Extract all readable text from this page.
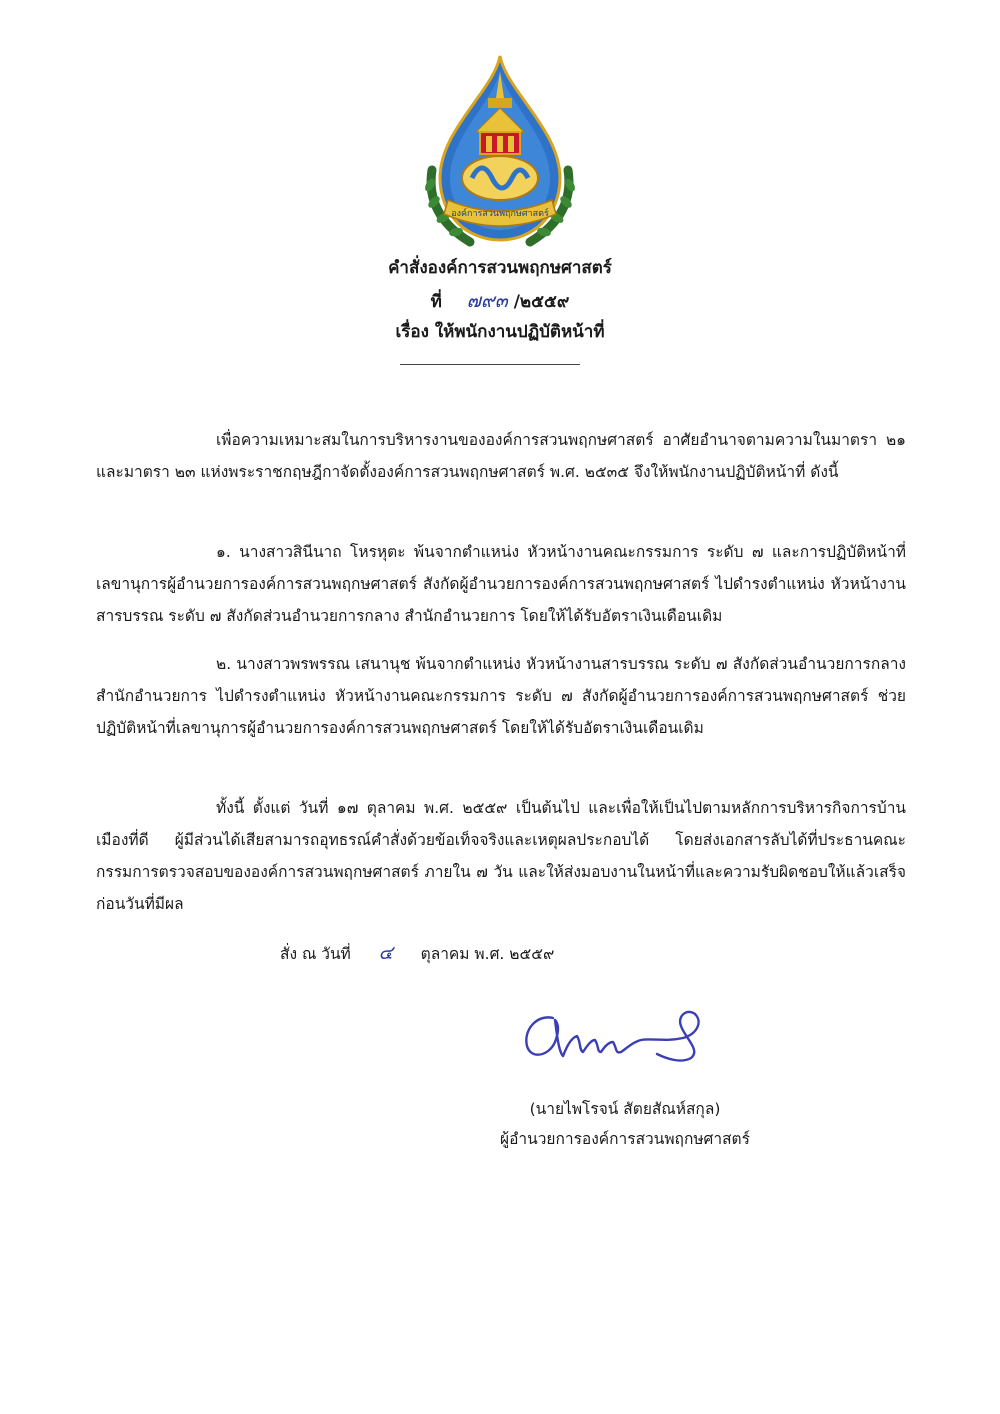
องค์การสวนพฤกษศาสตร์
คำสั่งองค์การสวนพฤกษศาสตร์
ที่ ๗๙๓ /๒๕๕๙
เรื่อง ให้พนักงานปฏิบัติหน้าที่

เพื่อความเหมาะสมในการบริหารงานขององค์การสวนพฤกษศาสตร์ อาศัยอำนาจตามความในมาตรา ๒๑ และมาตรา ๒๓ แห่งพระราชกฤษฎีกาจัดตั้งองค์การสวนพฤกษศาสตร์ พ.ศ. ๒๕๓๕ จึงให้พนักงานปฏิบัติหน้าที่ ดังนี้

๑. นางสาวสินีนาถ โหรหุตะ พ้นจากตำแหน่ง หัวหน้างานคณะกรรมการ ระดับ ๗ และการปฏิบัติหน้าที่เลขานุการผู้อำนวยการองค์การสวนพฤกษศาสตร์ สังกัดผู้อำนวยการองค์การสวนพฤกษศาสตร์ ไปดำรงตำแหน่ง หัวหน้างานสารบรรณ ระดับ ๗ สังกัดส่วนอำนวยการกลาง สำนักอำนวยการ โดยให้ได้รับอัตราเงินเดือนเดิม

๒. นางสาวพรพรรณ เสนานุช พ้นจากตำแหน่ง หัวหน้างานสารบรรณ ระดับ ๗ สังกัดส่วนอำนวยการกลาง สำนักอำนวยการ ไปดำรงตำแหน่ง หัวหน้างานคณะกรรมการ ระดับ ๗ สังกัดผู้อำนวยการองค์การสวนพฤกษศาสตร์ ช่วยปฏิบัติหน้าที่เลขานุการผู้อำนวยการองค์การสวนพฤกษศาสตร์ โดยให้ได้รับอัตราเงินเดือนเดิม

ทั้งนี้ ตั้งแต่ วันที่ ๑๗ ตุลาคม พ.ศ. ๒๕๕๙ เป็นต้นไป และเพื่อให้เป็นไปตามหลักการบริหารกิจการบ้านเมืองที่ดี ผู้มีส่วนได้เสียสามารถอุทธรณ์คำสั่งด้วยข้อเท็จจริงและเหตุผลประกอบได้ โดยส่งเอกสารลับได้ที่ประธานคณะกรรมการตรวจสอบขององค์การสวนพฤกษศาสตร์ ภายใน ๗ วัน และให้ส่งมอบงานในหน้าที่และความรับผิดชอบให้แล้วเสร็จก่อนวันที่มีผล

สั่ง ณ วันที่ ๔ ตุลาคม พ.ศ. ๒๕๕๙
(นายไพโรจน์ สัตยสัณห์สกุล)
ผู้อำนวยการองค์การสวนพฤกษศาสตร์
